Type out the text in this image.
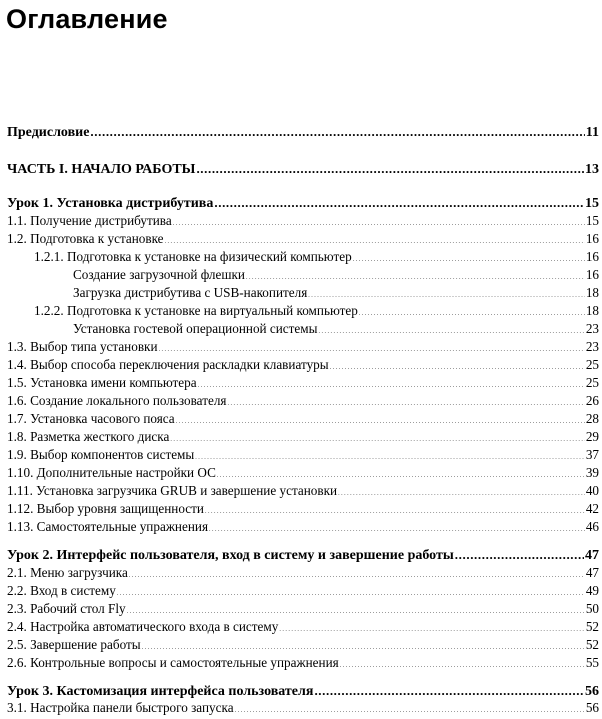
Оглавление
Предисловие .....	11
ЧАСТЬ I. НАЧАЛО РАБОТЫ .....	13
Урок 1. Установка дистрибутива .....	15
1.1. Получение дистрибутива . . .	15
1.2. Подготовка к установке . . .	16
1.2.1. Подготовка к установке на физический компьютер . . .	16
Создание загрузочной флешки . . .	16
Загрузка дистрибутива с USB-накопителя . . .	18
1.2.2. Подготовка к установке на виртуальный компьютер . . .	18
Установка гостевой операционной системы . . .	23
1.3. Выбор типа установки . . .	23
1.4. Выбор способа переключения раскладки клавиатуры . . .	25
1.5. Установка имени компьютера . . .	25
1.6. Создание локального пользователя . . .	26
1.7. Установка часового пояса . . .	28
1.8. Разметка жесткого диска . . .	29
1.9. Выбор компонентов системы . . .	37
1.10. Дополнительные настройки ОС . . .	39
1.11. Установка загрузчика GRUB и завершение установки . . .	40
1.12. Выбор уровня защищенности . . .	42
1.13. Самостоятельные упражнения . . .	46
Урок 2. Интерфейс пользователя, вход в систему и завершение работы .....	47
2.1. Меню загрузчика . . .	47
2.2. Вход в систему . . .	49
2.3. Рабочий стол Fly . . .	50
2.4. Настройка автоматического входа в систему . . .	52
2.5. Завершение работы . . .	52
2.6. Контрольные вопросы и самостоятельные упражнения . . .	55
Урок 3. Кастомизация интерфейса пользователя .....	56
3.1. Настройка панели быстрого запуска . . .	56
